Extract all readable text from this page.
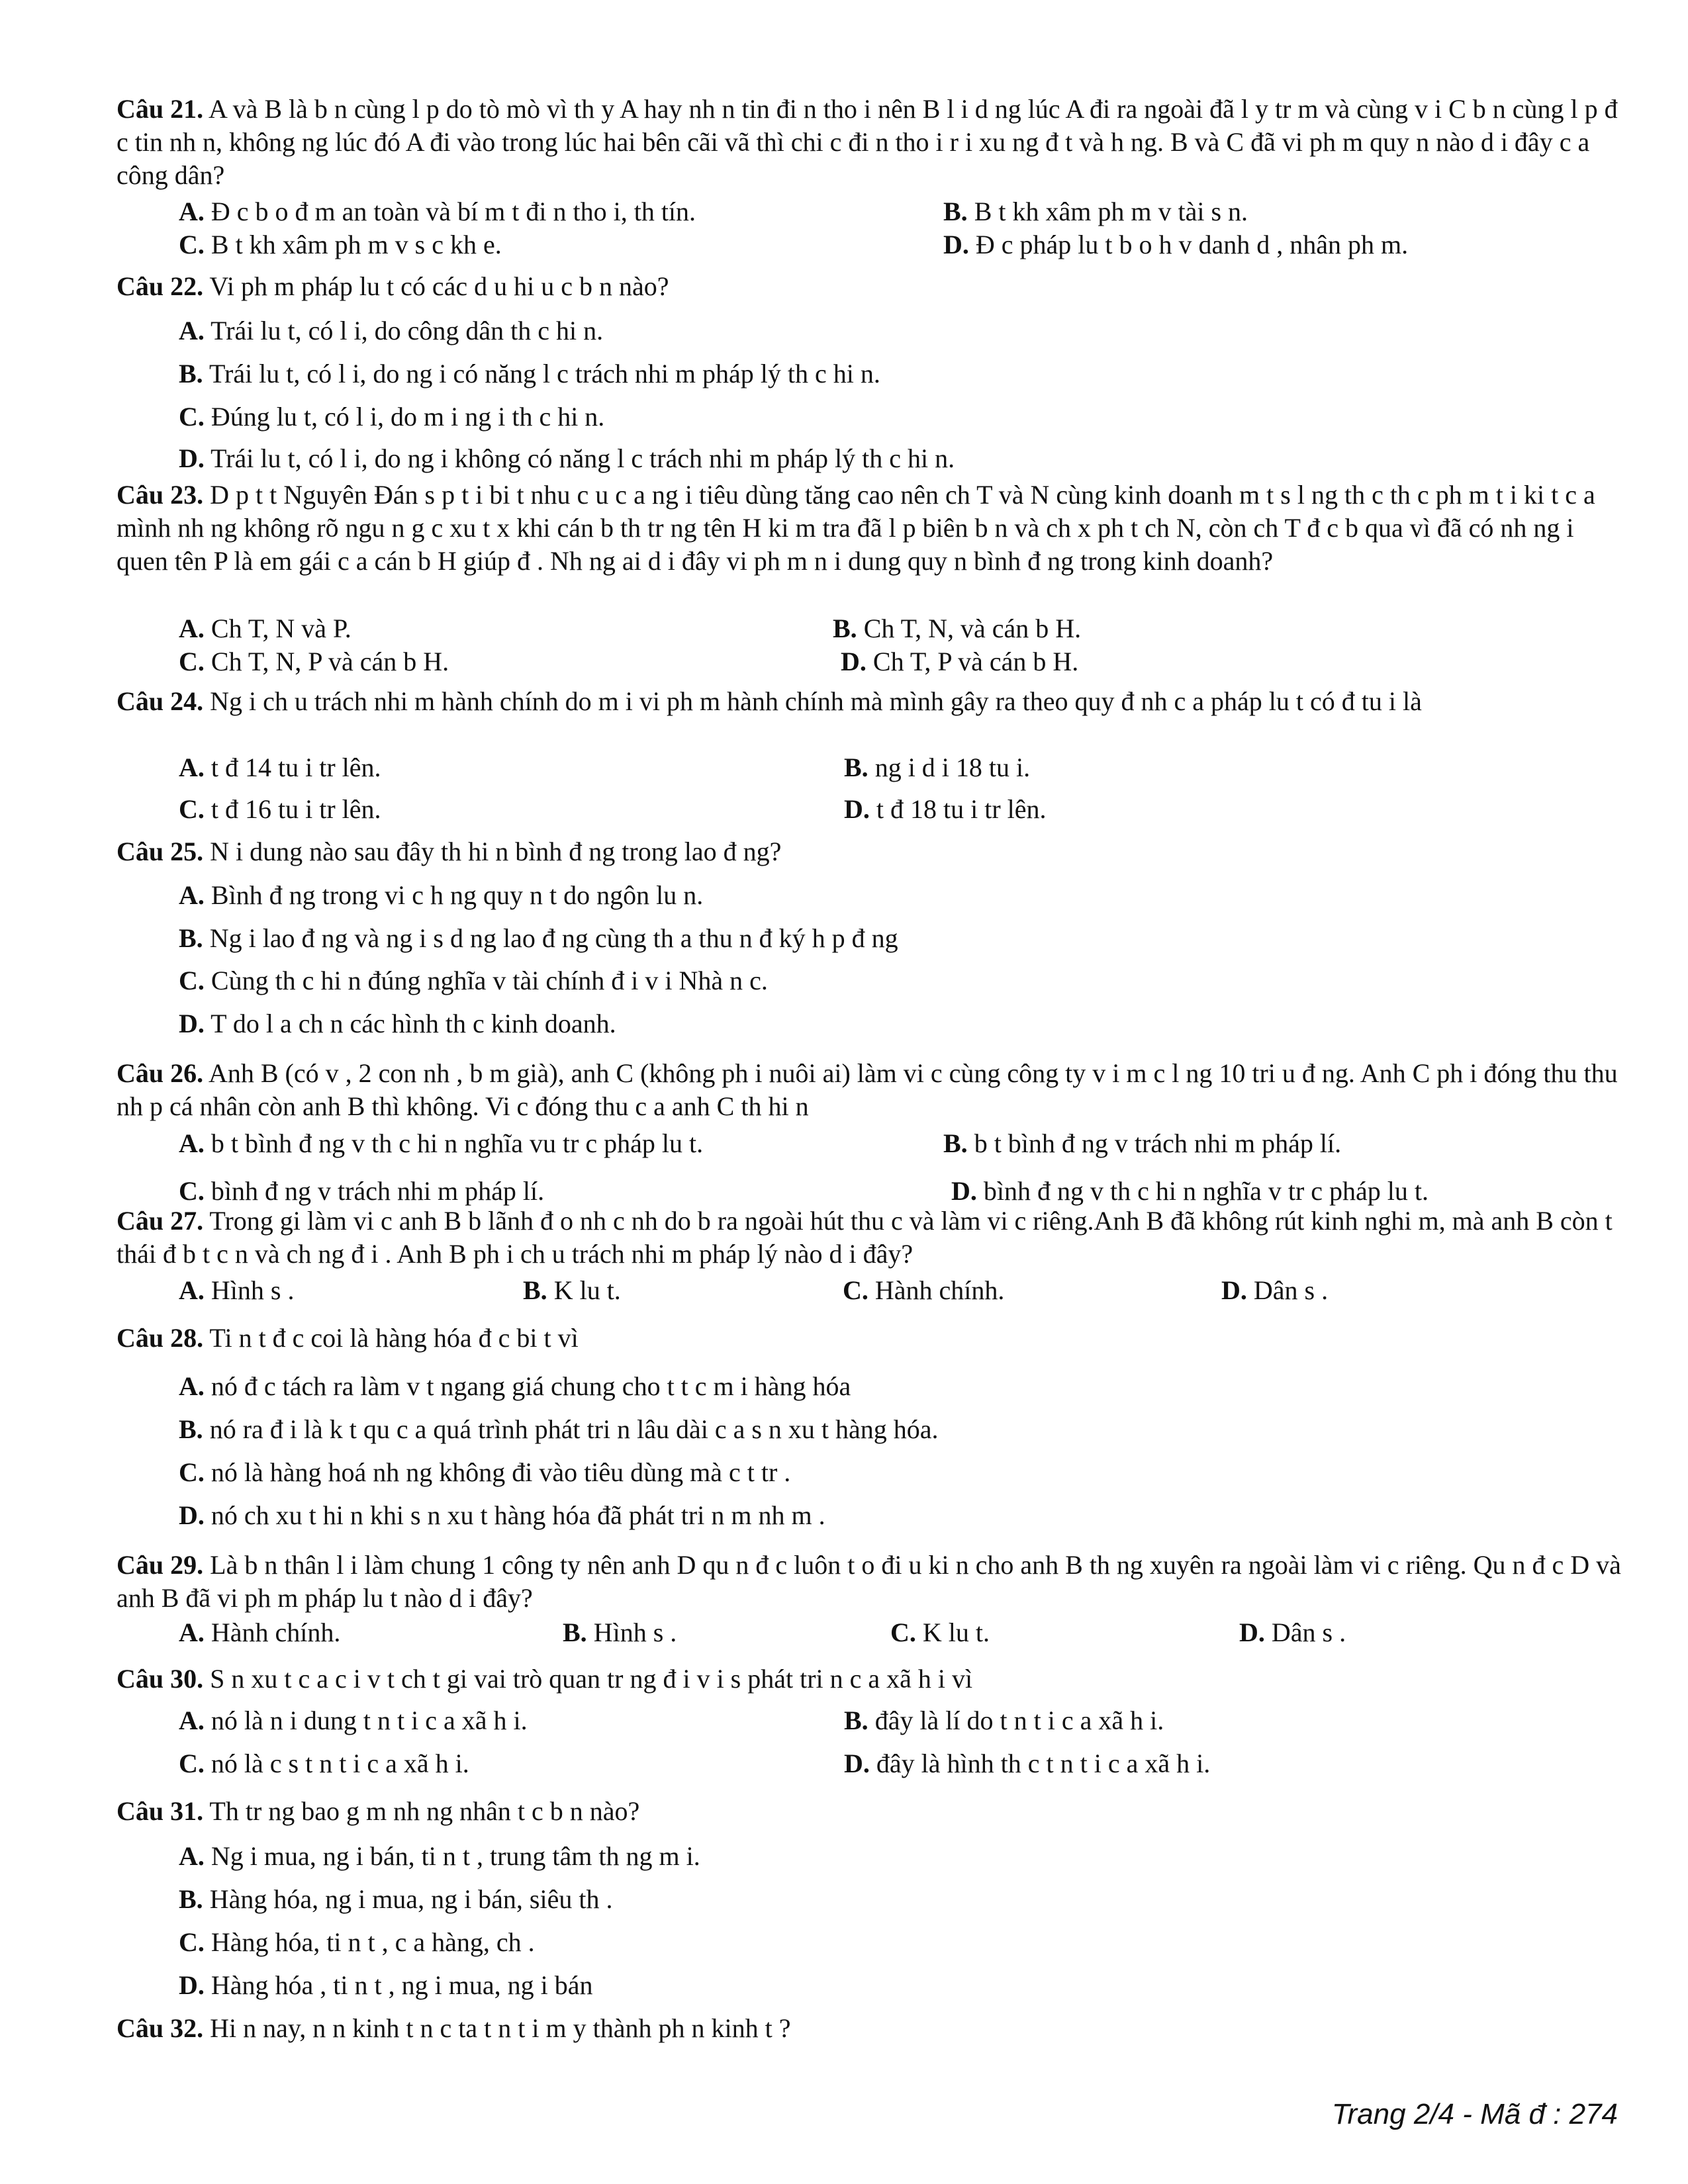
Câu 21. A và B là b n cùng l p do tò mò vì th y A hay nh n tin đi n tho i nên B l i d ng lúc A đi ra ngoài đã l y tr m và cùng v i C b n cùng l p đ c tin nh n, không ng lúc đó A đi vào trong lúc hai bên cãi vã thì chi c đi n tho i r i xu ng đ t và h ng. B và C đã vi ph m quy n nào d i đây c a công dân?
A. Đ c b o đ m an toàn và bí m t đi n tho i, th tín.	B. B t kh xâm ph m v tài s n.
C. B t kh xâm ph m v s c kh e.	D. Đ c pháp lu t b o h v danh d , nhân ph m.
Câu 22. Vi ph m pháp lu t có các d u hi u c b n nào?
A. Trái lu t, có l i, do công dân th c hi n.
B. Trái lu t, có l i, do ng i có năng l c trách nhi m pháp lý th c hi n.
C. Đúng lu t, có l i, do m i ng i th c hi n.
D. Trái lu t, có l i, do ng i không có năng l c trách nhi m pháp lý th c hi n.
Câu 23. D p t t Nguyên Đán s p t i bi t nhu c u c a ng i tiêu dùng tăng cao nên ch T và N cùng kinh doanh m t s l ng th c th c ph m t i ki t c a mình nh ng không rõ ngu n g c xu t x khi cán b th tr ng tên H ki m tra đã l p biên b n và ch x ph t ch N, còn ch T đ c b qua vì đã có nh ng i quen tên P là em gái c a cán b H giúp đ . Nh ng ai d i đây vi ph m n i dung quy n bình đ ng trong kinh doanh?
A. Ch T, N và P.	B. Ch T, N, và cán b H.
C. Ch T, N, P và cán b H.	D. Ch T, P và cán b H.
Câu 24. Ng i ch u trách nhi m hành chính do m i vi ph m hành chính mà mình gây ra theo quy đ nh c a pháp lu t có đ tu i là
A. t đ 14 tu i tr lên.	B. ng i d i 18 tu i.
C. t đ 16 tu i tr lên.	D. t đ 18 tu i tr lên.
Câu 25. N i dung nào sau đây th hi n bình đ ng trong lao đ ng?
A. Bình đ ng trong vi c h ng quy n t do ngôn lu n.
B. Ng i lao đ ng và ng i s d ng lao đ ng cùng th a thu n đ ký h p đ ng
C. Cùng th c hi n đúng nghĩa v tài chính đ i v i Nhà n c.
D. T do l a ch n các hình th c kinh doanh.
Câu 26. Anh B (có v , 2 con nh , b m già), anh C (không ph i nuôi ai) làm vi c cùng công ty v i m c l ng 10 tri u đ ng. Anh C ph i đóng thu thu nh p cá nhân còn anh B thì không. Vi c đóng thu c a anh C th hi n
A. b t bình đ ng v th c hi n nghĩa vu tr c pháp lu t.	B. b t bình đ ng v trách nhi m pháp lí.
C. bình đ ng v trách nhi m pháp lí.	D. bình đ ng v th c hi n nghĩa v tr c pháp lu t.
Câu 27. Trong gi làm vi c anh B b lãnh đ o nh c nh do b ra ngoài hút thu c và làm vi c riêng.Anh B đã không rút kinh nghi m, mà anh B còn t thái đ b t c n và ch ng đ i . Anh B ph i ch u trách nhi m pháp lý nào d i đây?
A. Hình s .	B. K lu t.	C. Hành chính.	D. Dân s .
Câu 28. Ti n t đ c coi là hàng hóa đ c bi t vì
A. nó đ c tách ra làm v t ngang giá chung cho t t c m i hàng hóa
B. nó ra đ i là k t qu c a quá trình phát tri n lâu dài c a s n xu t hàng hóa.
C. nó là hàng hoá nh ng không đi vào tiêu dùng mà c t tr .
D. nó ch xu t hi n khi s n xu t hàng hóa đã phát tri n m nh m .
Câu 29. Là b n thân l i làm chung 1 công ty nên anh D qu n đ c luôn t o đi u ki n cho anh B th ng xuyên ra ngoài làm vi c riêng. Qu n đ c D và anh B đã vi ph m pháp lu t nào d i đây?
A. Hành chính.	B. Hình s .	C. K lu t.	D. Dân s .
Câu 30. S n xu t c a c i v t ch t gi vai trò quan tr ng đ i v i s phát tri n c a xã h i vì
A. nó là n i dung t n t i c a xã h i.	B. đây là lí do t n t i c a xã h i.
C. nó là c s t n t i c a xã h i.	D. đây là hình th c t n t i c a xã h i.
Câu 31. Th tr ng bao g m nh ng nhân t c b n nào?
A. Ng i mua, ng i bán, ti n t , trung tâm th ng m i.
B. Hàng hóa, ng i mua, ng i bán, siêu th .
C. Hàng hóa, ti n t , c a hàng, ch .
D. Hàng hóa , ti n t , ng i mua, ng i bán
Câu 32. Hi n nay, n n kinh t n c ta t n t i m y thành ph n kinh t ?
Trang 2/4 - Mã đ : 274
